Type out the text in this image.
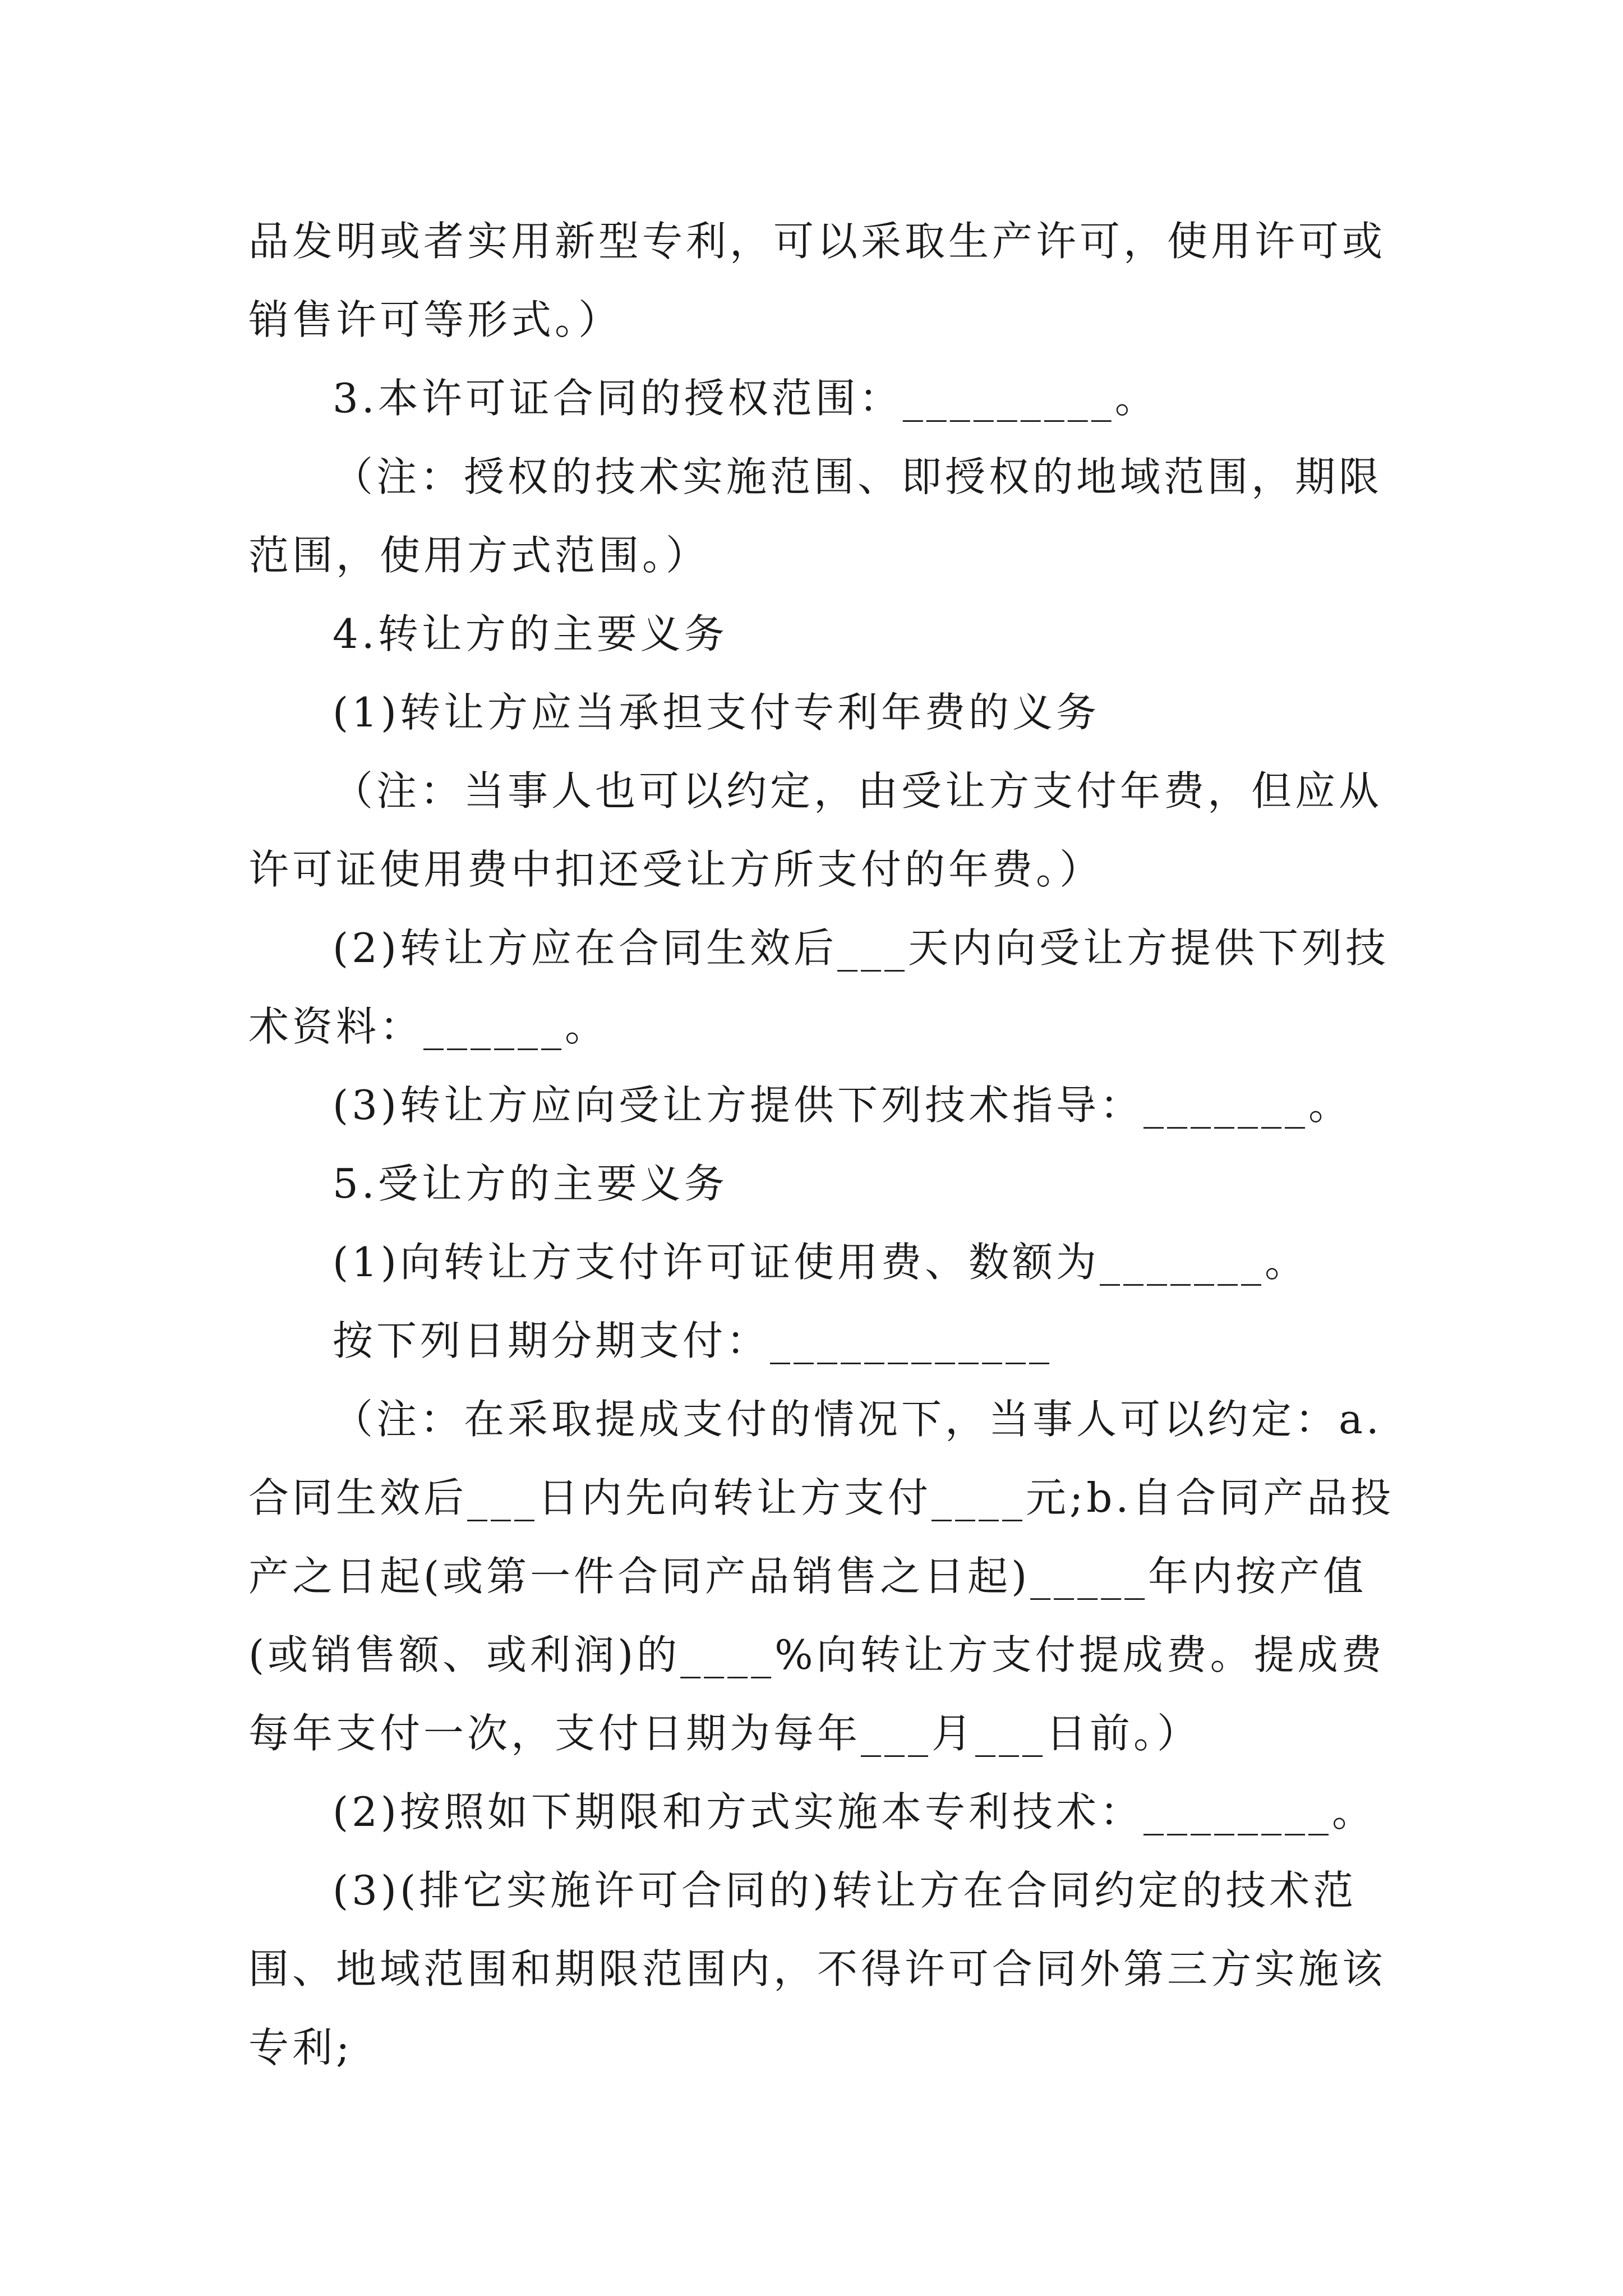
品发明或者实用新型专利，可以采取生产许可，使用许可或
销售许可等形式。）
3.本许可证合同的授权范围：_________。
（注：授权的技术实施范围、即授权的地域范围，期限
范围，使用方式范围。）
4.转让方的主要义务
(1)转让方应当承担支付专利年费的义务
（注：当事人也可以约定，由受让方支付年费，但应从
许可证使用费中扣还受让方所支付的年费。）
(2)转让方应在合同生效后___天内向受让方提供下列技
术资料：______。
(3)转让方应向受让方提供下列技术指导：_______。
5.受让方的主要义务
(1)向转让方支付许可证使用费、数额为_______。
按下列日期分期支付：____________
（注：在采取提成支付的情况下，当事人可以约定：a.
合同生效后___日内先向转让方支付____元;b.自合同产品投
产之日起(或第一件合同产品销售之日起)_____年内按产值
(或销售额、或利润)的____%向转让方支付提成费。提成费
每年支付一次，支付日期为每年___月___日前。）
(2)按照如下期限和方式实施本专利技术：________。
(3)(排它实施许可合同的)转让方在合同约定的技术范
围、地域范围和期限范围内，不得许可合同外第三方实施该
专利;
